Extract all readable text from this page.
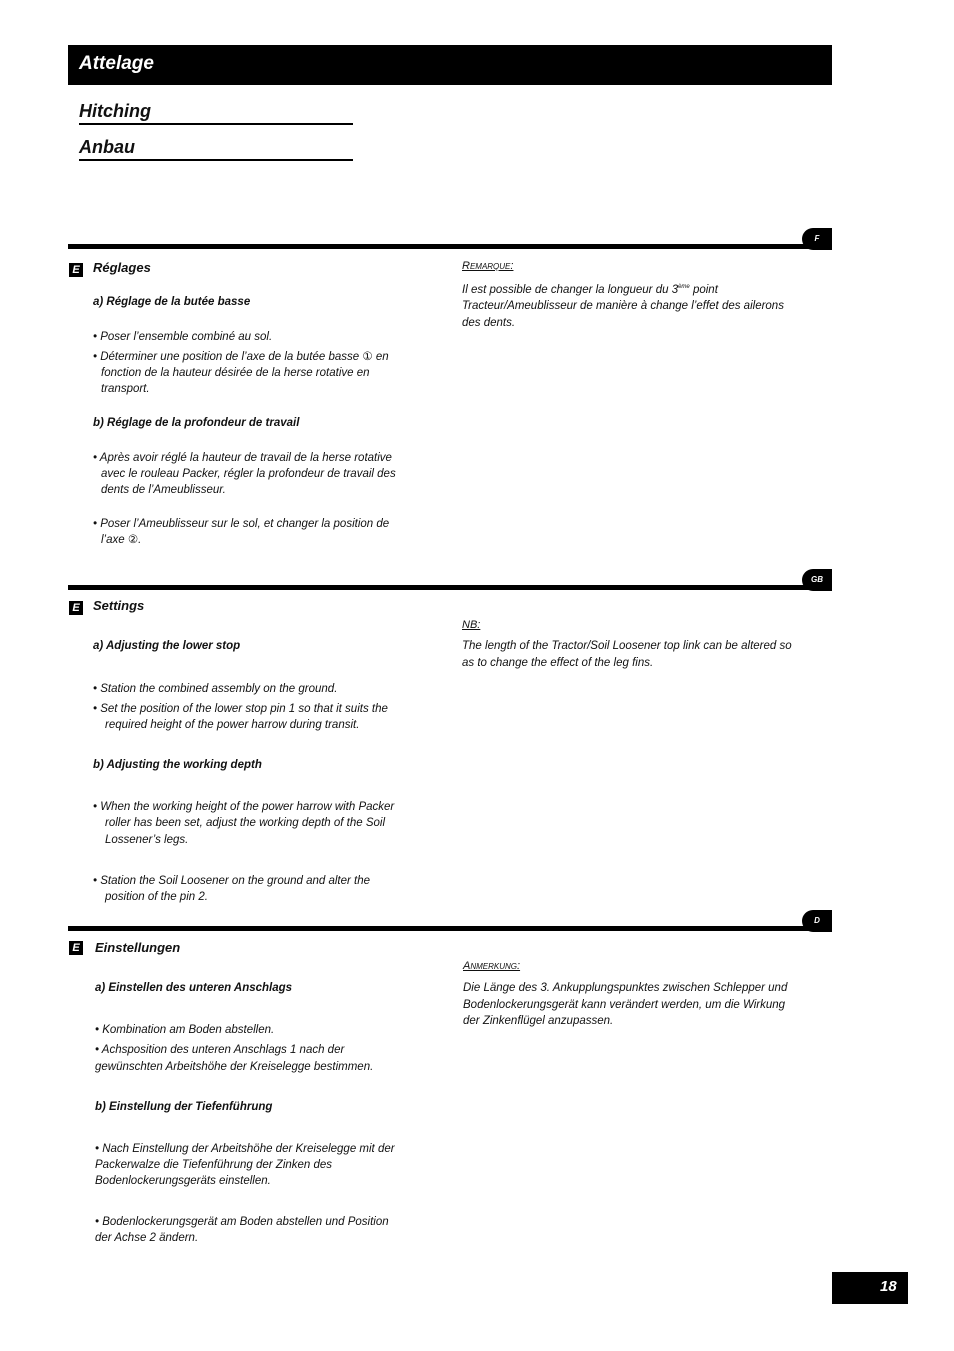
Attelage
Hitching
Anbau
F
E Réglages
a) Réglage de la butée basse
• Poser l’ensemble combiné au sol.
• Déterminer une position de l’axe de la butée basse ① en
fonction de la hauteur désirée de la herse rotative en
transport.
b) Réglage de la profondeur de travail
• Après avoir réglé la hauteur de travail de la herse rotative
avec le rouleau Packer, régler la profondeur de travail des
dents de l’Ameublisseur.
• Poser l’Ameublisseur sur le sol, et changer la position de
l’axe ②.
Remarque:
Il est possible de changer la longueur du 3ème point
Tracteur/Ameublisseur de manière à change l’effet des ailerons
des dents.
GB
E Settings
a) Adjusting the lower stop
• Station the combined assembly on the ground.
• Set the position of the lower stop pin 1 so that it suits the
required height of the power harrow during transit.
b) Adjusting the working depth
• When the working height of the power harrow with Packer
roller has been set, adjust the working depth of the Soil
Lossener’s legs.
• Station the Soil Loosener on the ground and alter the
position of the pin 2.
NB:
The length of the Tractor/Soil Loosener top link can be altered so
as to change the effect of the leg fins.
D
E Einstellungen
a) Einstellen des unteren Anschlags
• Kombination am Boden abstellen.
• Achsposition des unteren Anschlags 1 nach der
gewünschten Arbeitshöhe der Kreiselegge bestimmen.
b) Einstellung der Tiefenführung
• Nach Einstellung der Arbeitshöhe der Kreiselegge mit der
Packerwalze die Tiefenführung der Zinken des
Bodenlockerungsgeräts einstellen.
• Bodenlockerungsgerät am Boden abstellen und Position
der Achse 2 ändern.
Anmerkung:
Die Länge des 3. Ankupplungspunktes zwischen Schlepper und
Bodenlockerungsgerät kann verändert werden, um die Wirkung
der Zinkenflügel anzupassen.
18
